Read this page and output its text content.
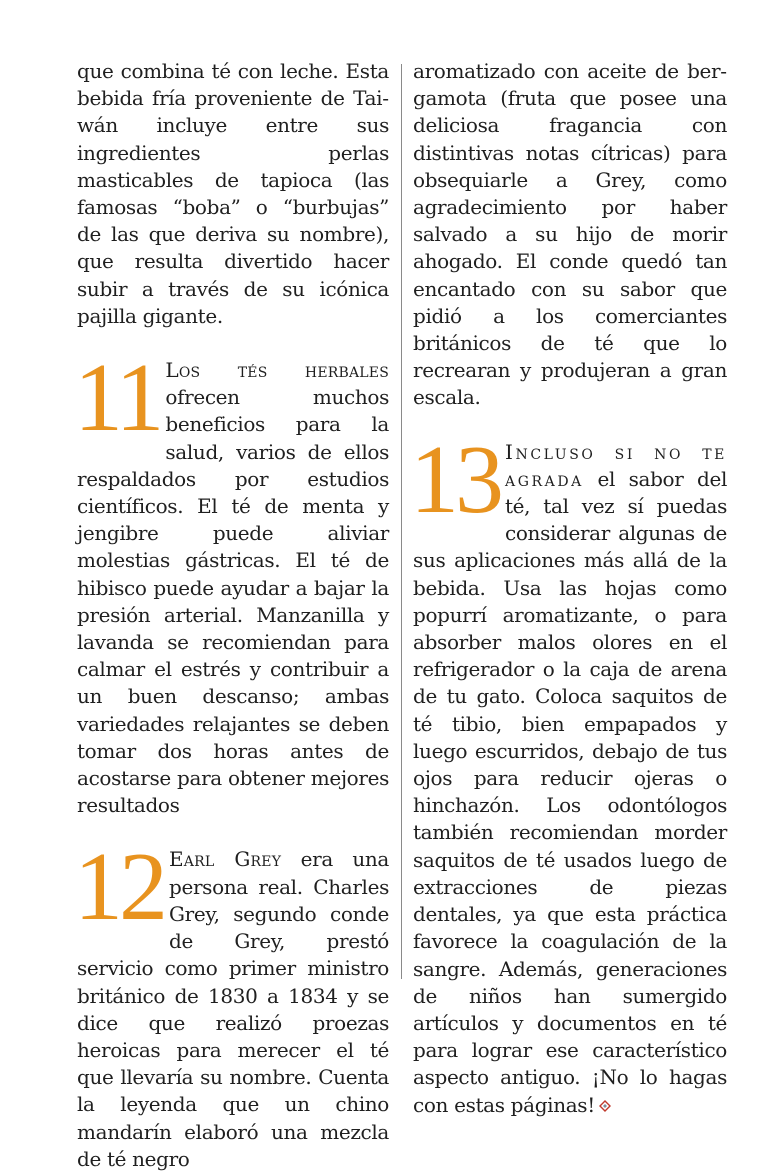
que combina té con leche. Esta bebida fría proveniente de Taiwán incluye entre sus ingredientes perlas masticables de tapioca (las famosas “boba” o “burbujas” de las que deriva su nombre), que resulta divertido hacer subir a través de su icónica pajilla gigante.

11 Los tés herbales ofrecen muchos beneficios para la salud, varios de ellos respaldados por estudios científicos. El té de menta y jengibre puede aliviar molestias gástricas. El té de hibisco puede ayudar a bajar la presión arterial. Manzanilla y lavanda se recomiendan para calmar el estrés y contribuir a un buen descanso; ambas variedades relajantes se deben tomar dos horas antes de acostarse para obtener mejores resultados

12 Earl Grey era una persona real. Charles Grey, segundo conde de Grey, prestó servicio como primer ministro británico de 1830 a 1834 y se dice que realizó proezas heroicas para merecer el té que llevaría su nombre. Cuenta la leyenda que un chino mandarín elaboró una mezcla de té negro

aromatizado con aceite de bergamota (fruta que posee una deliciosa fragancia con distintivas notas cítricas) para obsequiarle a Grey, como agradecimiento por haber salvado a su hijo de morir ahogado. El conde quedó tan encantado con su sabor que pidió a los comerciantes británicos de té que lo recrearan y produjeran a gran escala.

13 Incluso si no te agrada el sabor del té, tal vez sí puedas considerar algunas de sus aplicaciones más allá de la bebida. Usa las hojas como popurrí aromatizante, o para absorber malos olores en el refrigerador o la caja de arena de tu gato. Coloca saquitos de té tibio, bien empapados y luego escurridos, debajo de tus ojos para reducir ojeras o hinchazón. Los odontólogos también recomiendan morder saquitos de té usados luego de extracciones de piezas dentales, ya que esta práctica favorece la coagulación de la sangre. Además, generaciones de niños han sumergido artículos y documentos en té para lograr ese característico aspecto antiguo. ¡No lo hagas con estas páginas!
